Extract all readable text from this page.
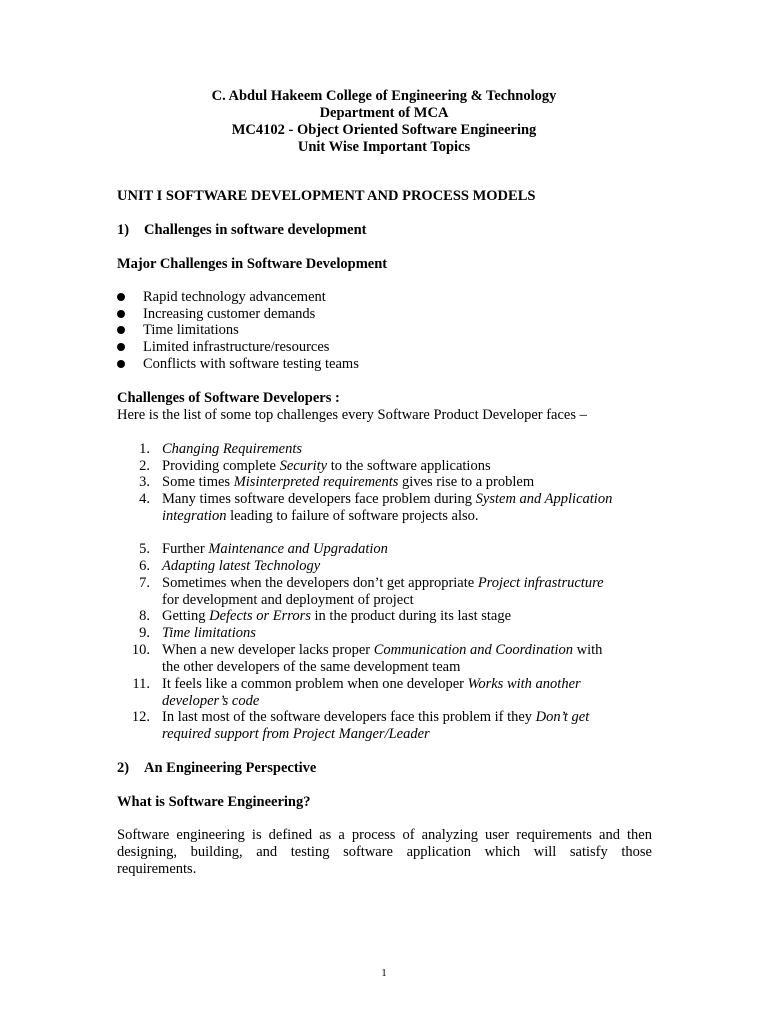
C. Abdul Hakeem College of Engineering & Technology
Department of MCA
MC4102 - Object Oriented Software Engineering
Unit Wise Important Topics
UNIT I SOFTWARE DEVELOPMENT AND PROCESS MODELS
1) Challenges in software development
Major Challenges in Software Development
Rapid technology advancement
Increasing customer demands
Time limitations
Limited infrastructure/resources
Conflicts with software testing teams
Challenges of Software Developers :
Here is the list of some top challenges every Software Product Developer faces –
1. Changing Requirements
2. Providing complete Security to the software applications
3. Some times Misinterpreted requirements gives rise to a problem
4. Many times software developers face problem during System and Application
integration leading to failure of software projects also.
5. Further Maintenance and Upgradation
6. Adapting latest Technology
7. Sometimes when the developers don’t get appropriate Project infrastructure
for development and deployment of project
8. Getting Defects or Errors in the product during its last stage
9. Time limitations
10. When a new developer lacks proper Communication and Coordination with
the other developers of the same development team
11. It feels like a common problem when one developer Works with another
developer’s code
12. In last most of the software developers face this problem if they Don’t get
required support from Project Manger/Leader
2) An Engineering Perspective
What is Software Engineering?
Software engineering is defined as a process of analyzing user requirements and then
designing, building, and testing software application which will satisfy those
requirements.
1
